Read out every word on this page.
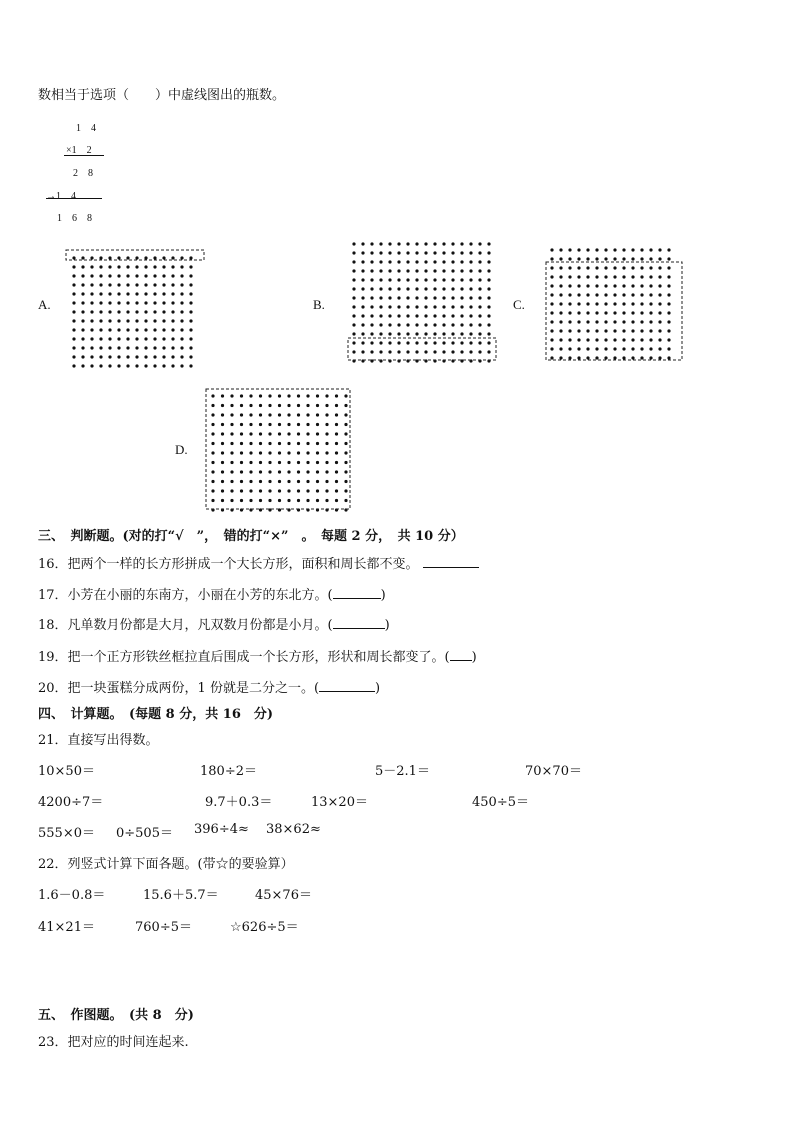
数相当于选项（　　）中虚线图出的瓶数。
1　4
×1　2
2　8
→1　4
1　6　8
A.	B.	C.
D.
三、　判断题。(对的打“√　”，　错的打“×”　。　每题 2 分，　共 10 分）
16．把两个一样的长方形拼成一个大长方形，面积和周长都不变。
17．小芳在小丽的东南方，小丽在小芳的东北方。(	)
18．凡单数月份都是大月，凡双数月份都是小月。(	)
19．把一个正方形铁丝框拉直后围成一个长方形，形状和周长都变了。( )
20．把一块蛋糕分成两份，1 份就是二分之一。(	)
四、　计算题。　(每题 8 分，共 16　分)
21．直接写出得数。
10×50＝	180÷2＝	5－2.1＝	70×70＝
4200÷7＝	9.7＋0.3＝	13×20＝	450÷5＝
555×0＝ 0÷505＝ 396÷4≈ 38×62≈
22．列竖式计算下面各题。(带☆的要验算）
1.6－0.8＝	15.6＋5.7＝	45×76＝
41×21＝	760÷5＝	☆626÷5＝
五、　作图题。　(共 8　分)
23．把对应的时间连起来.
